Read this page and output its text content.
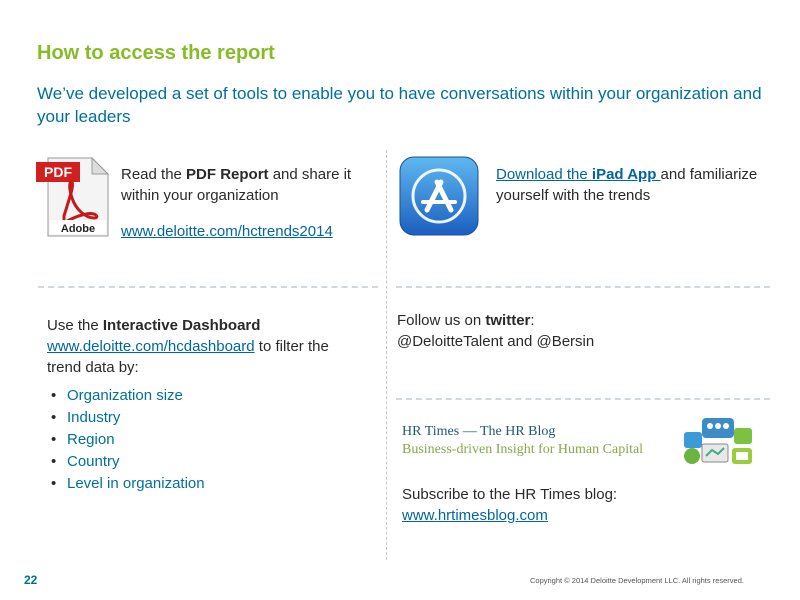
How to access the report
We’ve developed a set of tools to enable you to have conversations within your organization and your leaders
PDF
Adobe
Read the PDF Report and share it within your organization
www.deloitte.com/hctrends2014
Download the iPad App and familiarize yourself with the trends
Use the Interactive Dashboard
www.deloitte.com/hcdashboard to filter the trend data by:
• Organization size
• Industry
• Region
• Country
• Level in organization
Follow us on twitter:
@DeloitteTalent and @Bersin
HR Times — The HR Blog
Business-driven Insight for Human Capital
Subscribe to the HR Times blog:
www.hrtimesblog.com
22	Copyright © 2014 Deloitte Development LLC. All rights reserved.
